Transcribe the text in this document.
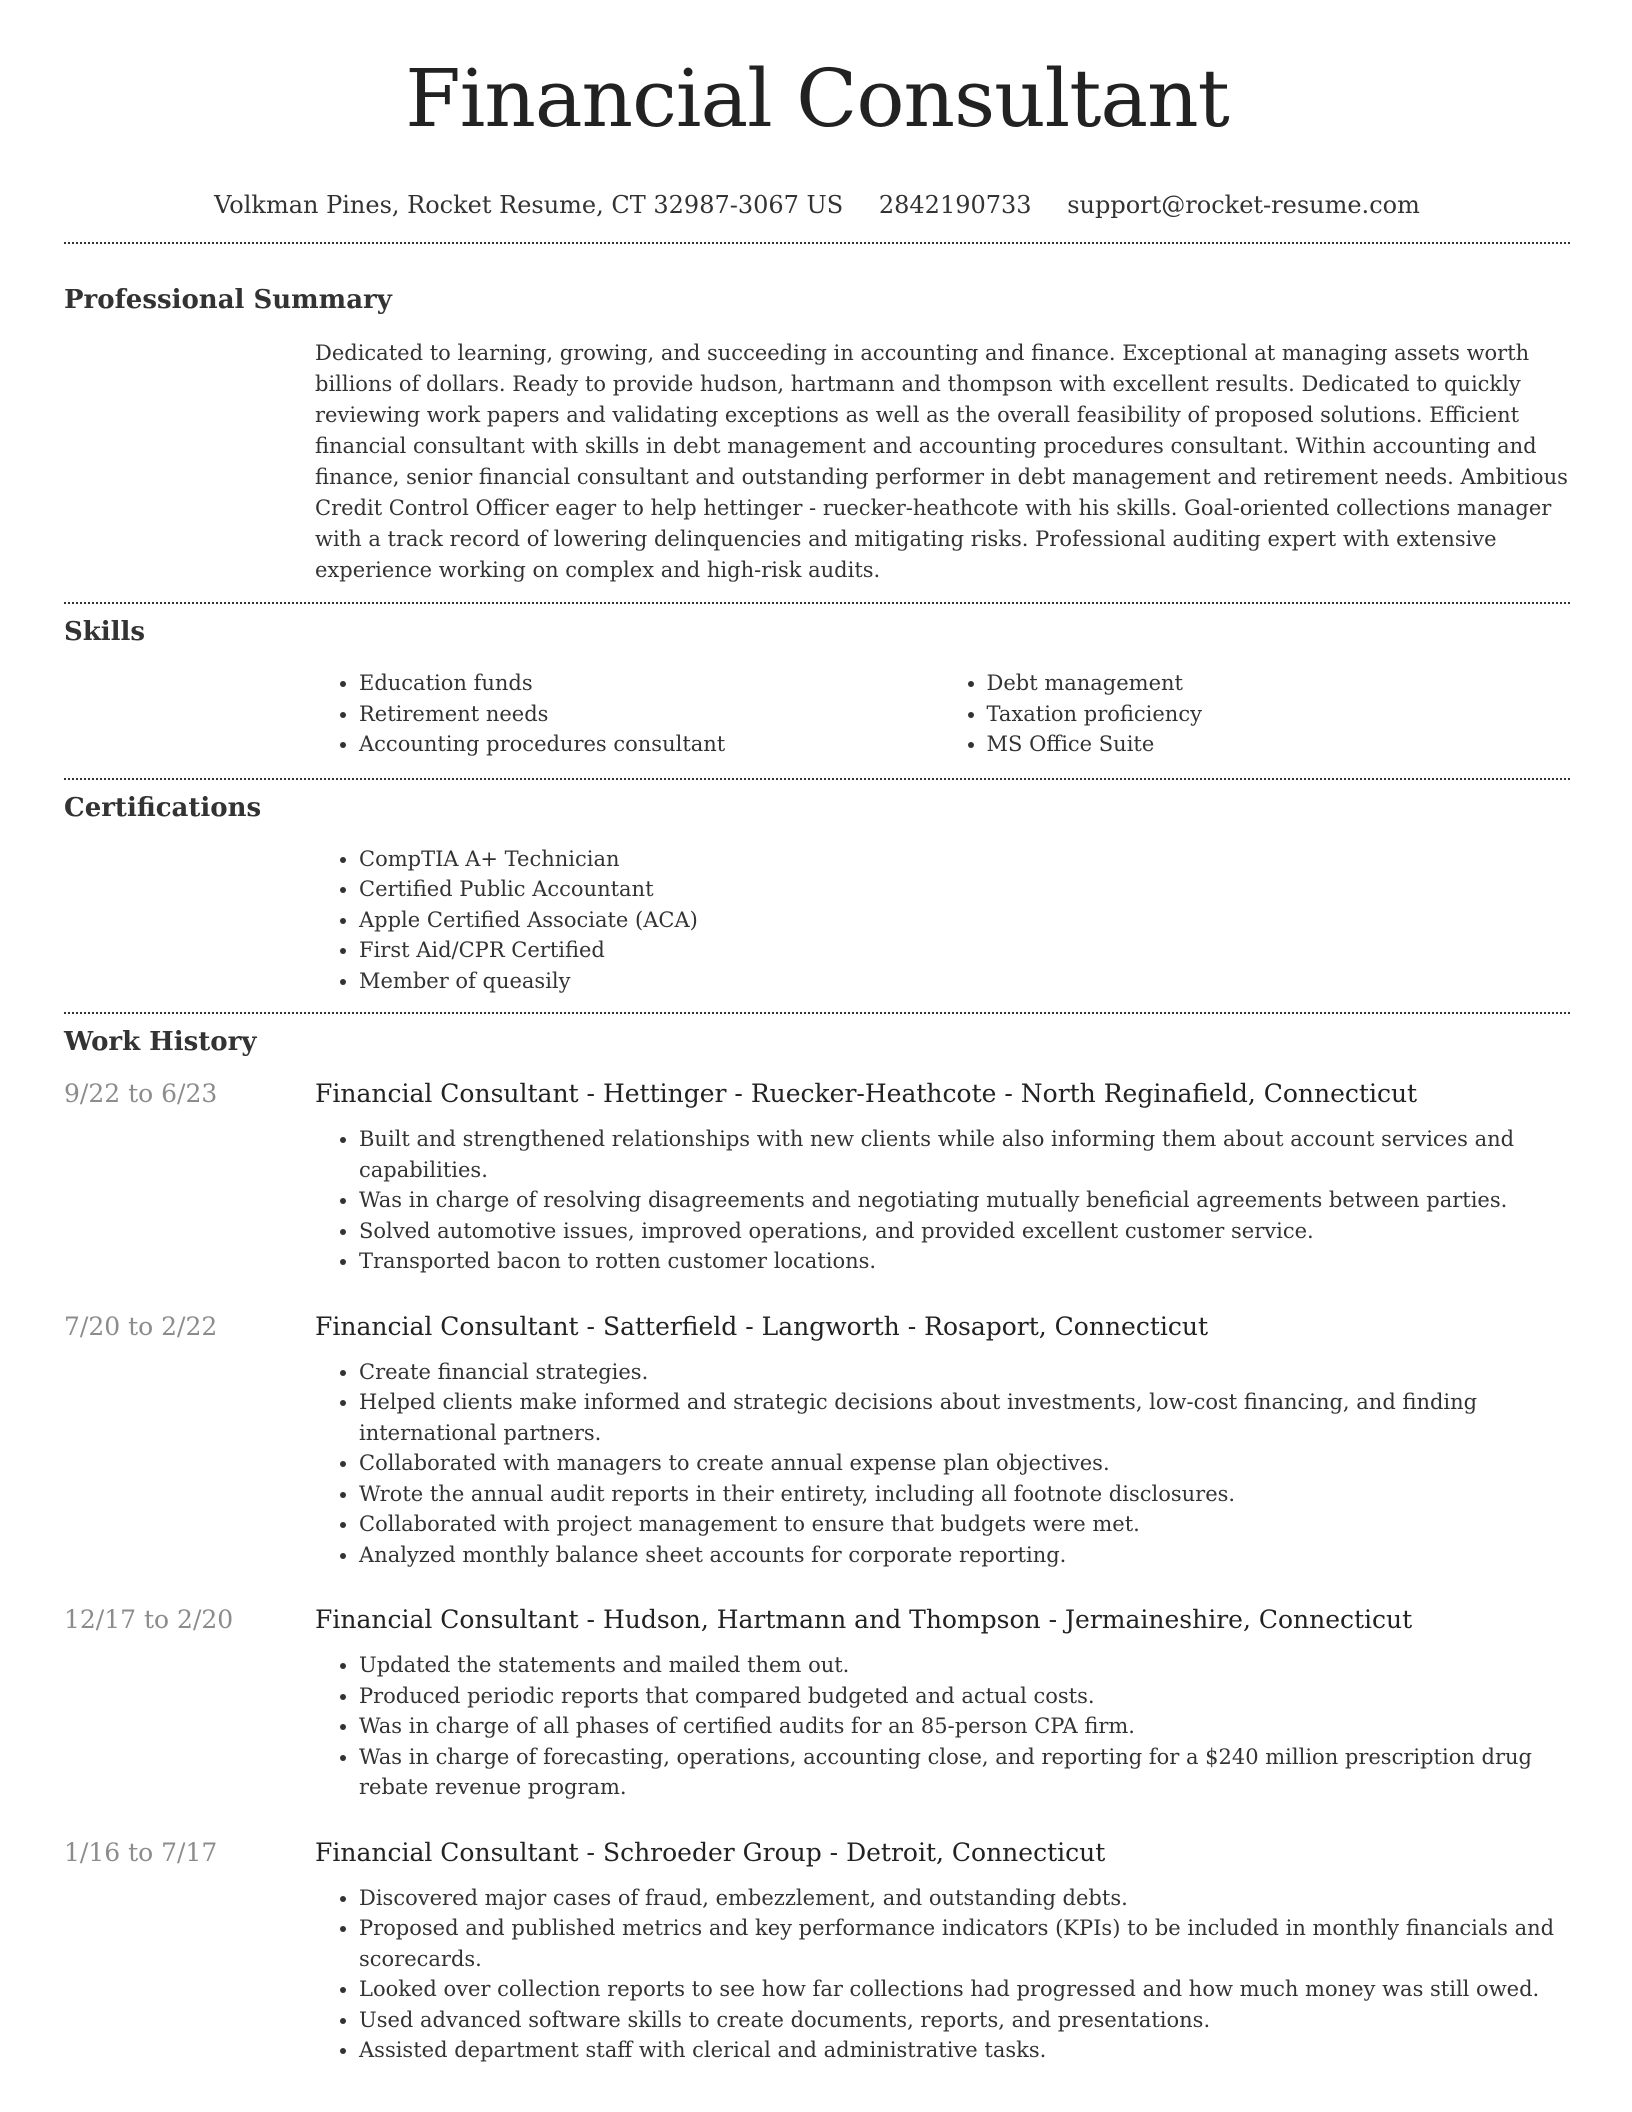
Financial Consultant
Volkman Pines, Rocket Resume, CT 32987-3067 US 2842190733 support@rocket-resume.com
Professional Summary

Dedicated to learning, growing, and succeeding in accounting and finance. Exceptional at managing assets worth billions of dollars. Ready to provide hudson, hartmann and thompson with excellent results. Dedicated to quickly reviewing work papers and validating exceptions as well as the overall feasibility of proposed solutions. Efficient financial consultant with skills in debt management and accounting procedures consultant. Within accounting and finance, senior financial consultant and outstanding performer in debt management and retirement needs. Ambitious Credit Control Officer eager to help hettinger - ruecker-heathcote with his skills. Goal-oriented collections manager with a track record of lowering delinquencies and mitigating risks. Professional auditing expert with extensive experience working on complex and high-risk audits.

Skills
• Education funds
• Retirement needs
• Accounting procedures consultant
• Debt management
• Taxation proficiency
• MS Office Suite
Certifications
• CompTIA A+ Technician
• Certified Public Accountant
• Apple Certified Associate (ACA)
• First Aid/CPR Certified
• Member of queasily
Work History
9/22 to 6/23	Financial Consultant - Hettinger - Ruecker-Heathcote - North Reginafield, Connecticut
• Built and strengthened relationships with new clients while also informing them about account services and capabilities.
• Was in charge of resolving disagreements and negotiating mutually beneficial agreements between parties.
• Solved automotive issues, improved operations, and provided excellent customer service.
• Transported bacon to rotten customer locations.
7/20 to 2/22	Financial Consultant - Satterfield - Langworth - Rosaport, Connecticut
• Create financial strategies.
• Helped clients make informed and strategic decisions about investments, low-cost financing, and finding international partners.
• Collaborated with managers to create annual expense plan objectives.
• Wrote the annual audit reports in their entirety, including all footnote disclosures.
• Collaborated with project management to ensure that budgets were met.
• Analyzed monthly balance sheet accounts for corporate reporting.
12/17 to 2/20	Financial Consultant - Hudson, Hartmann and Thompson - Jermaineshire, Connecticut
• Updated the statements and mailed them out.
• Produced periodic reports that compared budgeted and actual costs.
• Was in charge of all phases of certified audits for an 85-person CPA firm.
• Was in charge of forecasting, operations, accounting close, and reporting for a $240 million prescription drug rebate revenue program.
1/16 to 7/17	Financial Consultant - Schroeder Group - Detroit, Connecticut
• Discovered major cases of fraud, embezzlement, and outstanding debts.
• Proposed and published metrics and key performance indicators (KPIs) to be included in monthly financials and scorecards.
• Looked over collection reports to see how far collections had progressed and how much money was still owed.
• Used advanced software skills to create documents, reports, and presentations.
• Assisted department staff with clerical and administrative tasks.
